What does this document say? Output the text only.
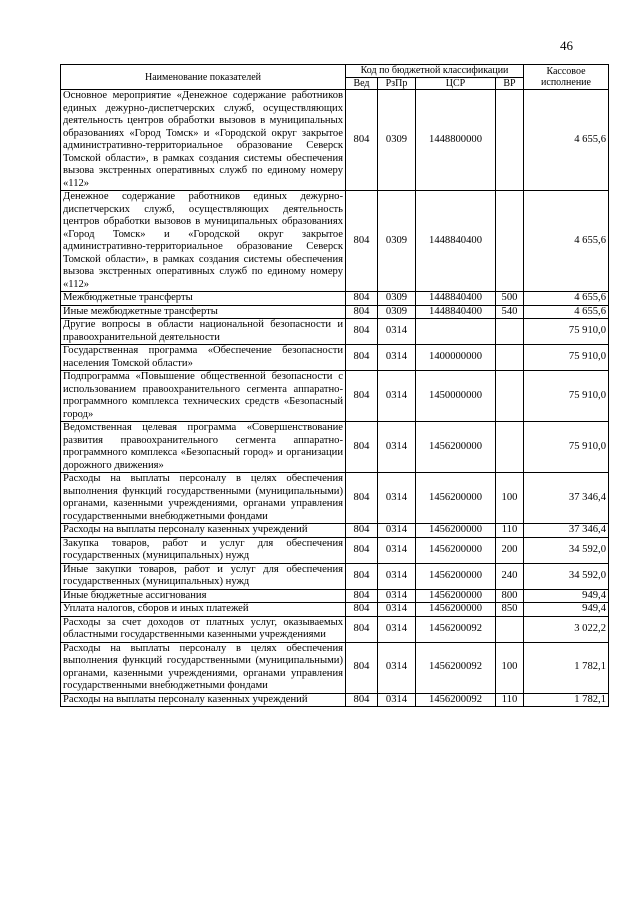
46
Наименование показателей	Код по бюджетной классификации				Кассовое исполнение
	Вед	РзПр	ЦСР	ВР	
Основное мероприятие «Денежное содержание работников единых дежурно-диспетчерских служб, осуществляющих деятельность центров обработки вызовов в муниципальных образованиях «Город Томск» и «Городской округ закрытое административно-территориальное образование Северск Томской области», в рамках создания системы обеспечения вызова экстренных оперативных служб по единому номеру «112»	804	0309	1448800000		4 655,6
Денежное содержание работников единых дежурно-диспетчерских служб, осуществляющих деятельность центров обработки вызовов в муниципальных образованиях «Город Томск» и «Городской округ закрытое административно-территориальное образование Северск Томской области», в рамках создания системы обеспечения вызова экстренных оперативных служб по единому номеру «112»	804	0309	1448840400		4 655,6
Межбюджетные трансферты	804	0309	1448840400	500	4 655,6
Иные межбюджетные трансферты	804	0309	1448840400	540	4 655,6
Другие вопросы в области национальной безопасности и правоохранительной деятельности	804	0314			75 910,0
Государственная программа «Обеспечение безопасности населения Томской области»	804	0314	1400000000		75 910,0
Подпрограмма «Повышение общественной безопасности с использованием правоохранительного сегмента аппаратно-программного комплекса технических средств «Безопасный город»	804	0314	1450000000		75 910,0
Ведомственная целевая программа «Совершенствование развития правоохранительного сегмента аппаратно-программного комплекса «Безопасный город» и организации дорожного движения»	804	0314	1456200000		75 910,0
Расходы на выплаты персоналу в целях обеспечения выполнения функций государственными (муниципальными) органами, казенными учреждениями, органами управления государственными внебюджетными фондами	804	0314	1456200000	100	37 346,4
Расходы на выплаты персоналу казенных учреждений	804	0314	1456200000	110	37 346,4
Закупка товаров, работ и услуг для обеспечения государственных (муниципальных) нужд	804	0314	1456200000	200	34 592,0
Иные закупки товаров, работ и услуг для обеспечения государственных (муниципальных) нужд	804	0314	1456200000	240	34 592,0
Иные бюджетные ассигнования	804	0314	1456200000	800	949,4
Уплата налогов, сборов и иных платежей	804	0314	1456200000	850	949,4
Расходы за счет доходов от платных услуг, оказываемых областными государственными казенными учреждениями	804	0314	1456200092		3 022,2
Расходы на выплаты персоналу в целях обеспечения выполнения функций государственными (муниципальными) органами, казенными учреждениями, органами управления государственными внебюджетными фондами	804	0314	1456200092	100	1 782,1
Расходы на выплаты персоналу казенных учреждений	804	0314	1456200092	110	1 782,1
